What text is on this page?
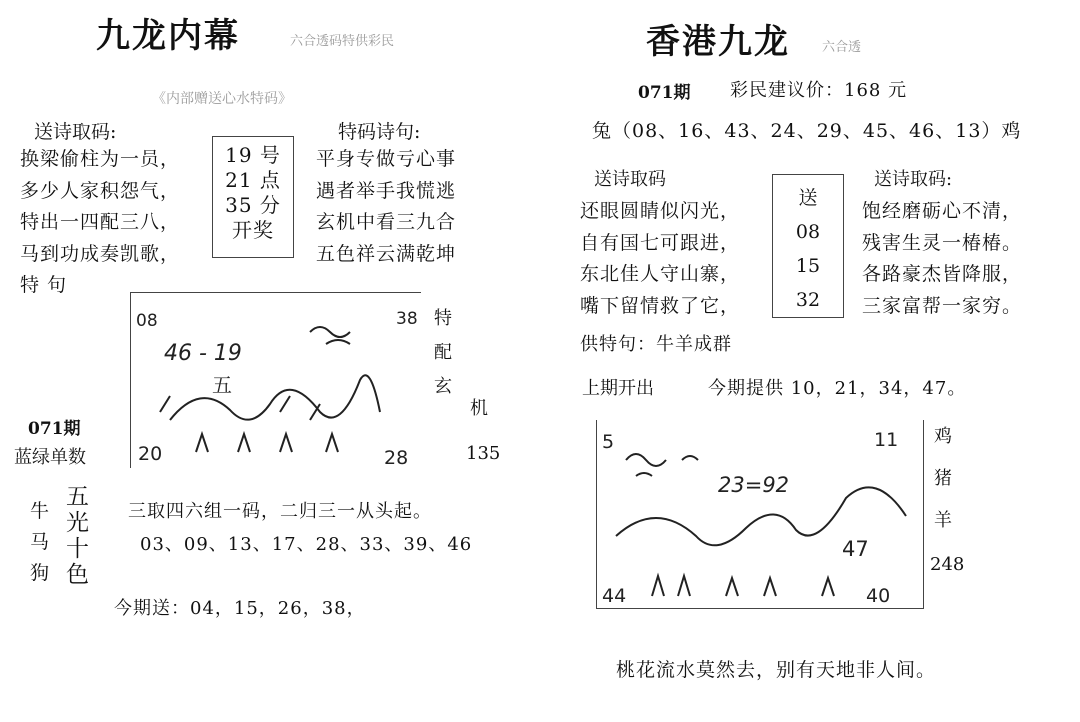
九龙内幕	六合透码特供彩民
《内部赠送心水特码》
送诗取码:	特码诗句:
换梁偷柱为一员，
多少人家积怨气，
特出一四配三八，
马到功成奏凯歌，
特 句
19 号
21 点
35 分
开奖
平身专做亏心事
遇者举手我慌逃
玄机中看三九合
五色祥云满乾坤
08	38
46 - 19
五
20	28
特
配
玄
机
135
071期
蓝绿单数
牛
马
狗
五
光
十
色
三取四六组一码，二归三一从头起。
03、09、13、17、28、33、39、46
今期送：04，15，26，38，
香港九龙 六合透
071期 彩民建议价：168 元
兔（08、16、43、24、29、45、46、13）鸡
送诗取码	送诗取码:
还眼圆睛似闪光，
自有国七可跟进，
东北佳人守山寨，
嘴下留情救了它，
送
08
15
32
饱经磨砺心不清，
残害生灵一椿椿。
各路豪杰皆降服，
三家富帮一家穷。
供特句：牛羊成群
上期开出	今期提供 10，21，34，47。
5	11
23=92
47
44	40
鸡
猪
羊
248
桃花流水莫然去，别有天地非人间。
